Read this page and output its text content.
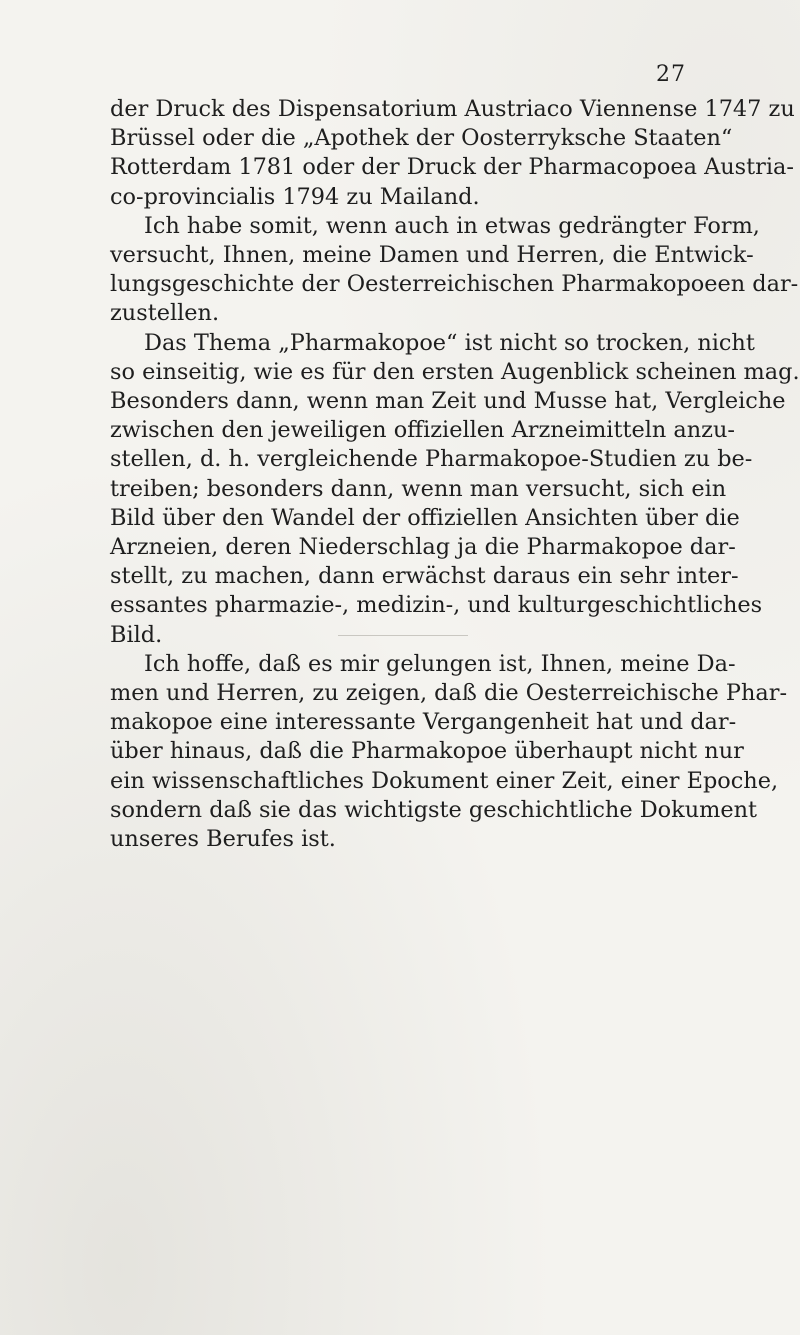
27

der Druck des Dispensatorium Austriaco Viennense 1747 zu
Brüssel oder die „Apothek der Oosterryksche Staaten“
Rotterdam 1781 oder der Druck der Pharmacopoea Austria-
co-provincialis 1794 zu Mailand.

Ich habe somit, wenn auch in etwas gedrängter Form,
versucht, Ihnen, meine Damen und Herren, die Entwick-
lungsgeschichte der Oesterreichischen Pharmakopoeen dar-
zustellen.

Das Thema „Pharmakopoe“ ist nicht so trocken, nicht
so einseitig, wie es für den ersten Augenblick scheinen mag.
Besonders dann, wenn man Zeit und Musse hat, Vergleiche
zwischen den jeweiligen offiziellen Arzneimitteln anzu-
stellen, d. h. vergleichende Pharmakopoe-Studien zu be-
treiben; besonders dann, wenn man versucht, sich ein
Bild über den Wandel der offiziellen Ansichten über die
Arzneien, deren Niederschlag ja die Pharmakopoe dar-
stellt, zu machen, dann erwächst daraus ein sehr inter-
essantes pharmazie-, medizin-, und kulturgeschichtliches
Bild.

Ich hoffe, daß es mir gelungen ist, Ihnen, meine Da-
men und Herren, zu zeigen, daß die Oesterreichische Phar-
makopoe eine interessante Vergangenheit hat und dar-
über hinaus, daß die Pharmakopoe überhaupt nicht nur
ein wissenschaftliches Dokument einer Zeit, einer Epoche,
sondern daß sie das wichtigste geschichtliche Dokument
unseres Berufes ist.
